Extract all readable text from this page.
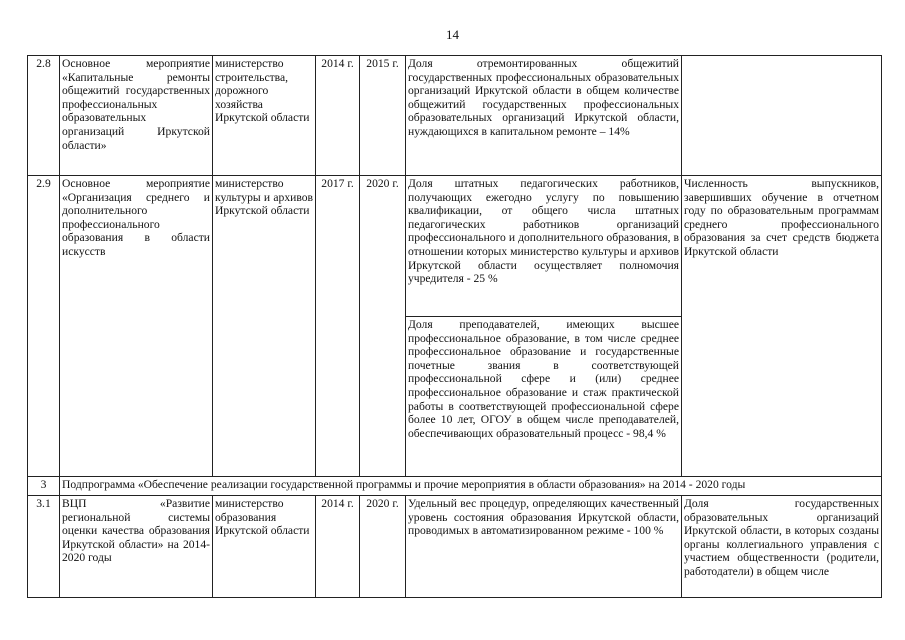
14
2.8	Основное мероприятие «Капитальные ремонты общежитий государственных профессиональных образовательных организаций Иркутской области»	министерство строительства, дорожного хозяйства Иркутской области	2014 г.	2015 г.	Доля отремонтированных общежитий государственных профессиональных образовательных организаций Иркутской области в общем количестве общежитий государственных профессиональных образовательных организаций Иркутской области, нуждающихся в капитальном ремонте – 14%	
2.9	Основное мероприятие «Организация среднего и дополнительного профессионального образования в области искусств	министерство культуры и архивов Иркутской области	2017 г.	2020 г.	Доля штатных педагогических работников, получающих ежегодно услугу по повышению квалификации, от общего числа штатных педагогических работников организаций профессионального и дополнительного образования, в отношении которых министерство культуры и архивов Иркутской области осуществляет полномочия учредителя - 25 %	Численность выпускников, завершивших обучение в отчетном году по образовательным программам среднего профессионального образования за счет средств бюджета Иркутской области
					Доля преподавателей, имеющих высшее профессиональное образование, в том числе среднее профессиональное образование и государственные почетные звания в соответствующей профессиональной сфере и (или) среднее профессиональное образование и стаж практической работы в соответствующей профессиональной сфере более 10 лет, ОГОУ в общем числе преподавателей, обеспечивающих образовательный процесс - 98,4 %	
3	Подпрограмма «Обеспечение реализации государственной программы и прочие мероприятия в области образования» на 2014 - 2020 годы					
3.1	ВЦП «Развитие региональной системы оценки качества образования Иркутской области» на 2014-2020 годы	министерство образования Иркутской области	2014 г.	2020 г.	Удельный вес процедур, определяющих качественный уровень состояния образования Иркутской области, проводимых в автоматизированном режиме - 100 %	Доля государственных образовательных организаций Иркутской области, в которых созданы органы коллегиального управления с участием общественности (родители, работодатели) в общем числе
